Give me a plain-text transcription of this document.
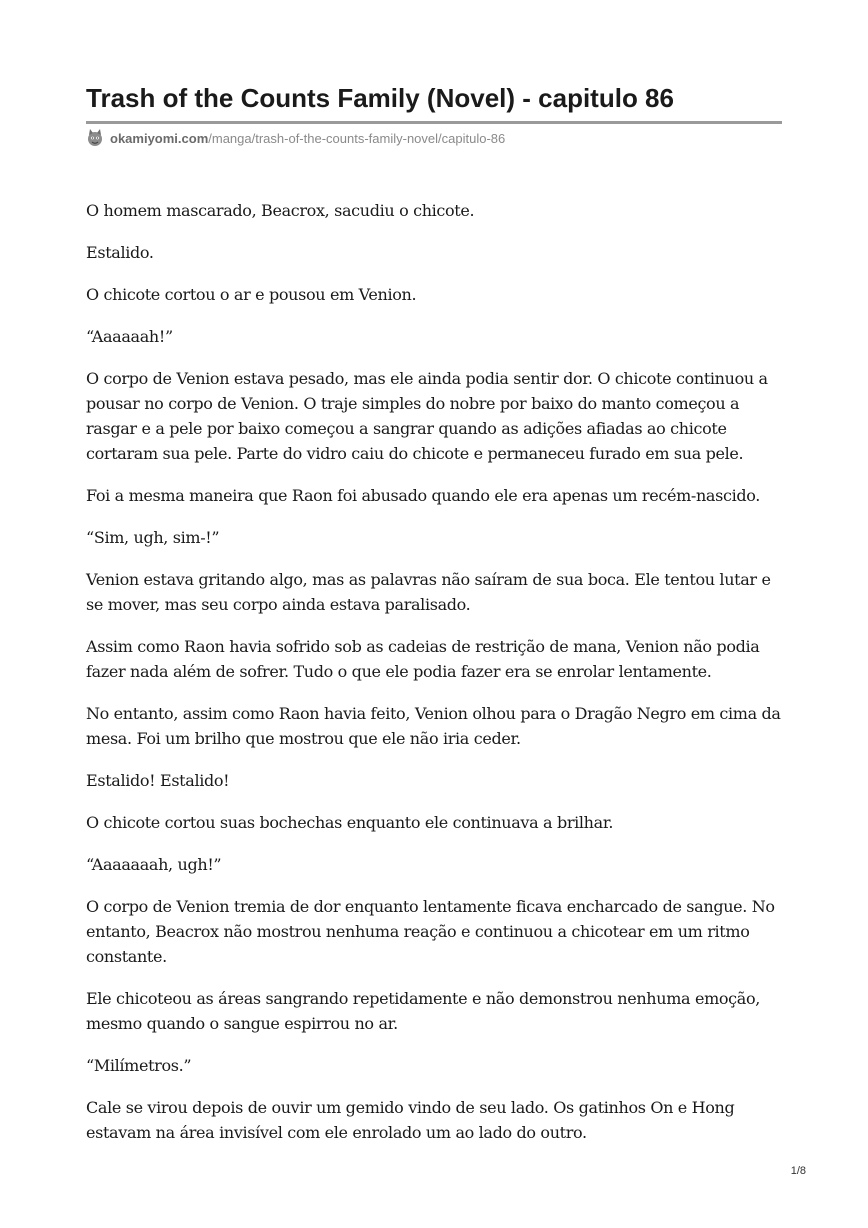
Trash of the Counts Family (Novel) - capitulo 86
okamiyomi.com /manga/trash-of-the-counts-family-novel/capitulo-86

O homem mascarado, Beacrox, sacudiu o chicote.

Estalido.

O chicote cortou o ar e pousou em Venion.

“Aaaaaah!”

O corpo de Venion estava pesado, mas ele ainda podia sentir dor. O chicote continuou a pousar no corpo de Venion. O traje simples do nobre por baixo do manto começou a rasgar e a pele por baixo começou a sangrar quando as adições afiadas ao chicote cortaram sua pele. Parte do vidro caiu do chicote e permaneceu furado em sua pele.

Foi a mesma maneira que Raon foi abusado quando ele era apenas um recém-nascido.

“Sim, ugh, sim-!”

Venion estava gritando algo, mas as palavras não saíram de sua boca. Ele tentou lutar e se mover, mas seu corpo ainda estava paralisado.

Assim como Raon havia sofrido sob as cadeias de restrição de mana, Venion não podia fazer nada além de sofrer. Tudo o que ele podia fazer era se enrolar lentamente.

No entanto, assim como Raon havia feito, Venion olhou para o Dragão Negro em cima da mesa. Foi um brilho que mostrou que ele não iria ceder.

Estalido! Estalido!

O chicote cortou suas bochechas enquanto ele continuava a brilhar.

“Aaaaaaah, ugh!”

O corpo de Venion tremia de dor enquanto lentamente ficava encharcado de sangue. No entanto, Beacrox não mostrou nenhuma reação e continuou a chicotear em um ritmo constante.

Ele chicoteou as áreas sangrando repetidamente e não demonstrou nenhuma emoção, mesmo quando o sangue espirrou no ar.

“Milímetros.”

Cale se virou depois de ouvir um gemido vindo de seu lado. Os gatinhos On e Hong estavam na área invisível com ele enrolado um ao lado do outro.

1/8
